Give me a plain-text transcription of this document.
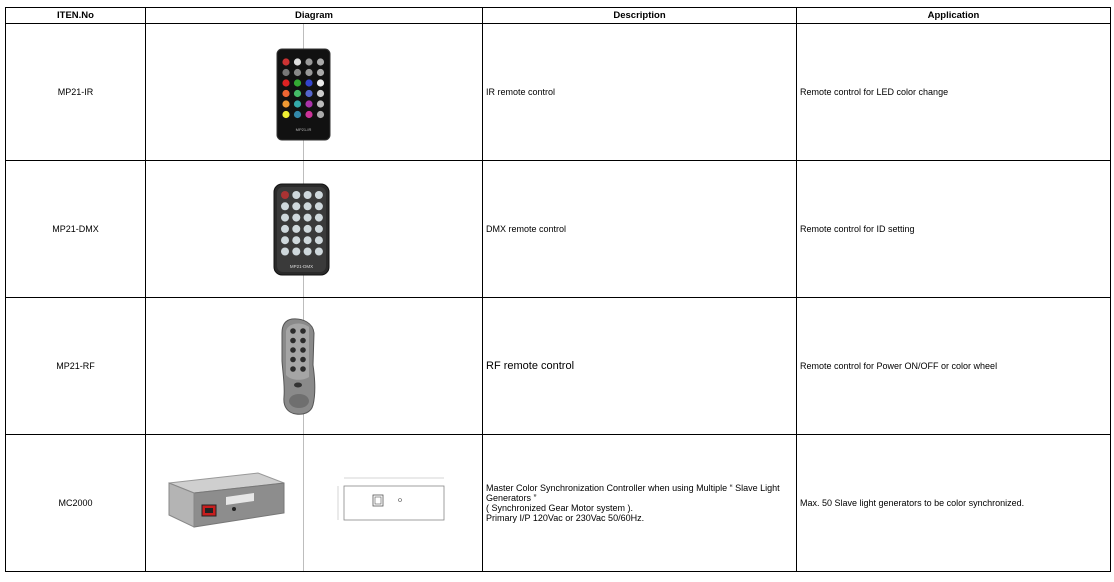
ITEN.No	Diagram	Description	Application
MP21-IR	MP21-IR	IR remote control	Remote control for LED color change
MP21-DMX	MP21-DMX	DMX remote control	Remote control for ID setting
MP21-RF		RF remote control	Remote control for Power ON/OFF or color wheel
MC2000		Master Color Synchronization Controller when using Multiple “ Slave Light
Generators ”
( Synchronized Gear Motor system ).
Primary I/P 120Vac or 230Vac 50/60Hz.	Max. 50 Slave light generators to be color synchronized.
